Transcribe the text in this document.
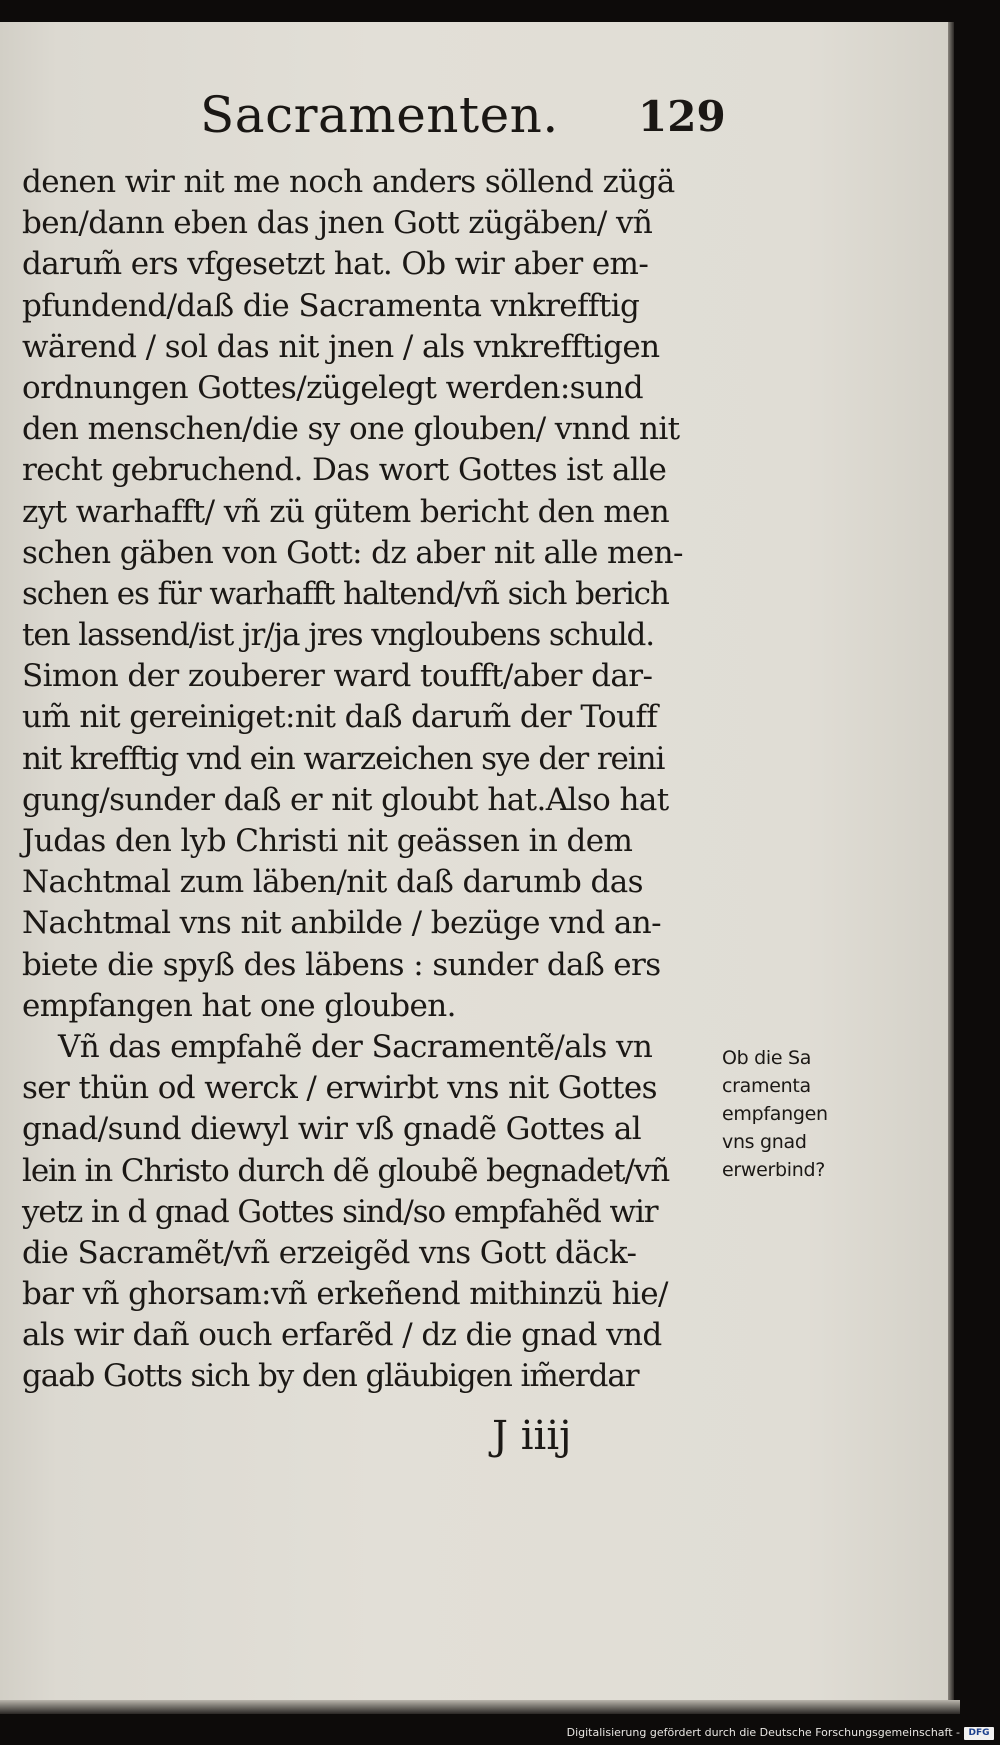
Sacramenten. 129
denen wir nit me noch anders söllend zügä
ben/dann eben das jnen Gott zügäben/ vñ
darum̃ ers vfgesetzt hat. Ob wir aber em-
pfundend/daß die Sacramenta vnkrefftig
wärend / sol das nit jnen / als vnkrefftigen
ordnungen Gottes/zügelegt werden:sund
den menschen/die sy one glouben/ vnnd nit
recht gebruchend. Das wort Gottes ist alle
zyt warhafft/ vñ zü gütem bericht den men
schen gäben von Gott: dz aber nit alle men-
schen es für warhafft haltend/vñ sich berich
ten lassend/ist jr/ja jres vngloubens schuld.
Simon der zouberer ward toufft/aber dar-
um̃ nit gereiniget:nit daß darum̃ der Touff
nit krefftig vnd ein warzeichen sye der reini
gung/sunder daß er nit gloubt hat.Also hat
Judas den lyb Christi nit geässen in dem
Nachtmal zum läben/nit daß darumb das
Nachtmal vns nit anbilde / bezüge vnd an-
biete die spyß des läbens : sunder daß ers
empfangen hat one glouben.
Vñ das empfahẽ der Sacramentẽ/als vn
ser thün od werck / erwirbt vns nit Gottes
gnad/sund diewyl wir vß gnadẽ Gottes al
lein in Christo durch dẽ gloubẽ begnadet/vñ
yetz in d gnad Gottes sind/so empfahẽd wir
die Sacramẽt/vñ erzeigẽd vns Gott däck-
bar vñ ghorsam:vñ erkeñend mithinzü hie/
als wir dañ ouch erfarẽd / dz die gnad vnd
gaab Gotts sich by den gläubigen im̃erdar
Ob die Sa
cramenta
empfangen
vns gnad
erwerbind?
J iiij
Digitalisierung gefördert durch die Deutsche Forschungsgemeinschaft - DFG
